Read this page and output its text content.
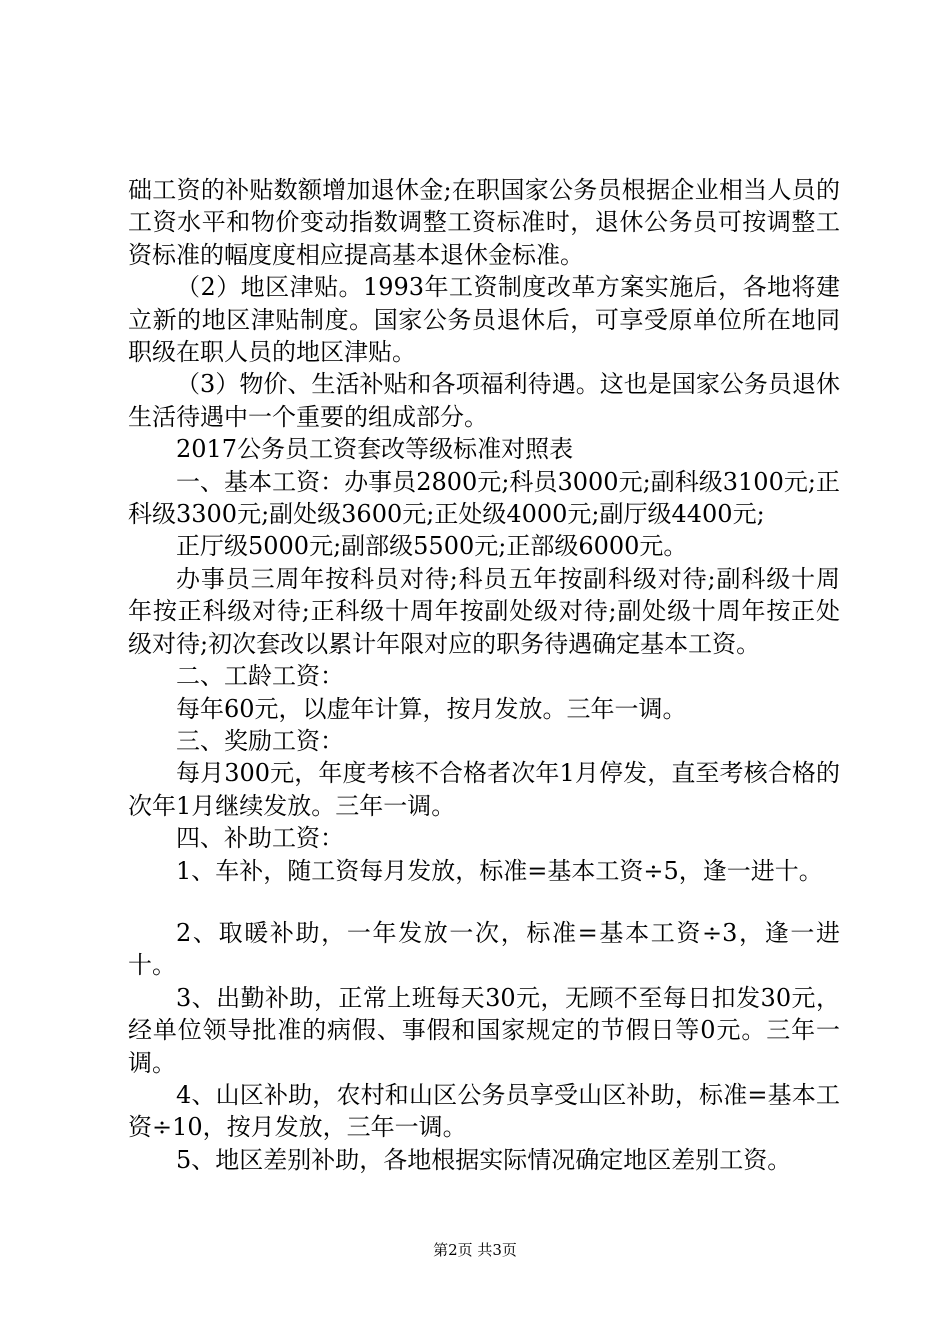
础工资的补贴数额增加退休金;在职国家公务员根据企业相当人员的工资水平和物价变动指数调整工资标准时，退休公务员可按调整工资标准的幅度度相应提高基本退休金标准。

（2）地区津贴。1993年工资制度改革方案实施后，各地将建立新的地区津贴制度。国家公务员退休后，可享受原单位所在地同职级在职人员的地区津贴。

（3）物价、生活补贴和各项福利待遇。这也是国家公务员退休生活待遇中一个重要的组成部分。

2017公务员工资套改等级标准对照表

一、基本工资：办事员2800元;科员3000元;副科级3100元;正科级3300元;副处级3600元;正处级4000元;副厅级4400元;

正厅级5000元;副部级5500元;正部级6000元。

办事员三周年按科员对待;科员五年按副科级对待;副科级十周年按正科级对待;正科级十周年按副处级对待;副处级十周年按正处级对待;初次套改以累计年限对应的职务待遇确定基本工资。

二、工龄工资：

每年60元，以虚年计算，按月发放。三年一调。

三、奖励工资：

每月300元，年度考核不合格者次年1月停发，直至考核合格的次年1月继续发放。三年一调。

四、补助工资：

1、车补，随工资每月发放，标准=基本工资÷5，逢一进十。

2、取暖补助，一年发放一次，标准=基本工资÷3，逢一进十。

3、出勤补助，正常上班每天30元，无顾不至每日扣发30元，经单位领导批准的病假、事假和国家规定的节假日等0元。三年一调。

4、山区补助，农村和山区公务员享受山区补助，标准=基本工资÷10，按月发放，三年一调。

5、地区差别补助，各地根据实际情况确定地区差别工资。

第2页 共3页
